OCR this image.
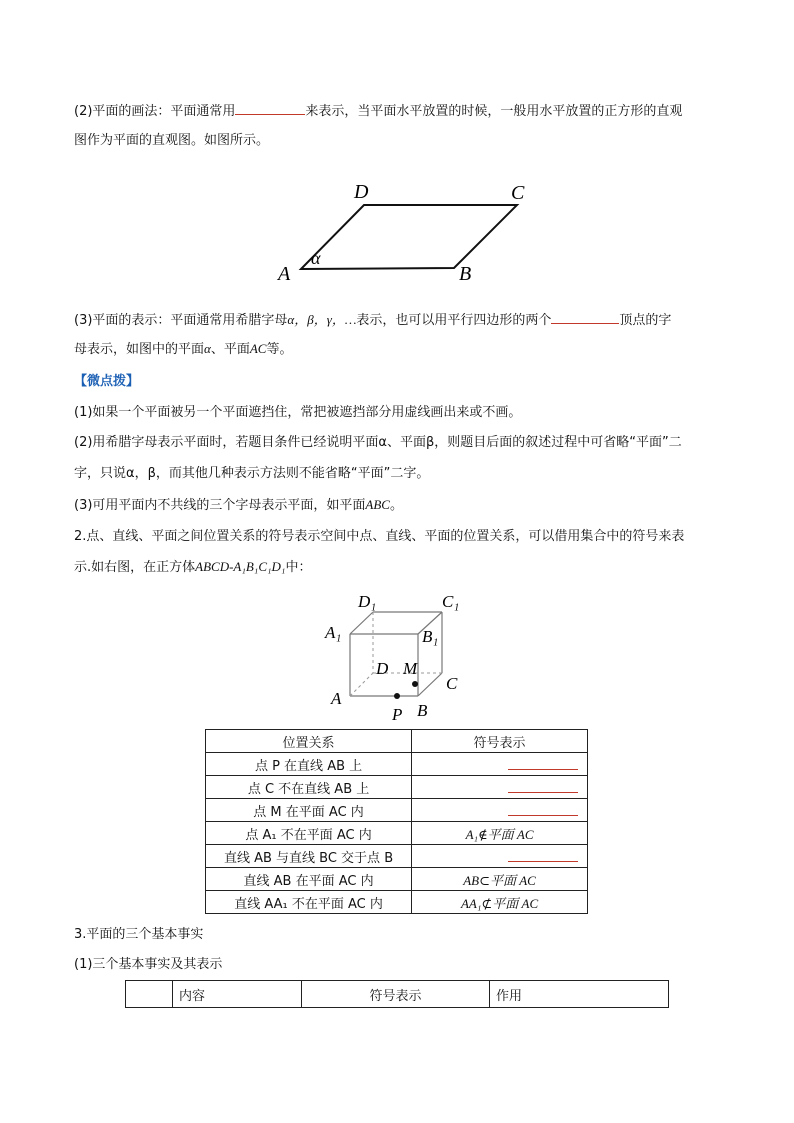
(2)平面的画法：平面通常用	来表示，当平面水平放置的时候，一般用水平放置的正方形的直观
图作为平面的直观图。如图所示。
D	C
A	B
α
(3)平面的表示：平面通常用希腊字母α，β，γ，…表示，也可以用平行四边形的两个	顶点的字
母表示，如图中的平面α、平面AC等。
【微点拨】
(1)如果一个平面被另一个平面遮挡住，常把被遮挡部分用虚线画出来或不画。
(2)用希腊字母表示平面时，若题目条件已经说明平面α、平面β，则题目后面的叙述过程中可省略“平面”二
字，只说α，β，而其他几种表示方法则不能省略“平面”二字。
(3)可用平面内不共线的三个字母表示平面，如平面ABC。
2.点、直线、平面之间位置关系的符号表示空间中点、直线、平面的位置关系，可以借用集合中的符号来表
示.如右图，在正方体ABCD-A₁B₁C₁D₁中：
D₁	C₁
A₁	B₁
D M
C
A
P B
位置关系	符号表示
点 P 在直线 AB 上	
点 C 不在直线 AB 上	
点 M 在平面 AC 内	
点 A₁ 不在平面 AC 内	A₁∉平面 AC
直线 AB 与直线 BC 交于点 B	
直线 AB 在平面 AC 内	AB⊂平面 AC
直线 AA₁ 不在平面 AC 内	AA₁⊄平面 AC
3.平面的三个基本事实
(1)三个基本事实及其表示
	内容	符号表示	作用
